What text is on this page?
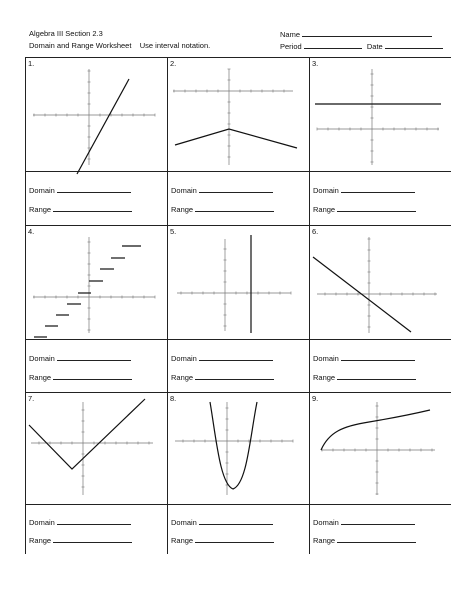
Algebra III Section 2.3
Domain and Range Worksheet Use interval notation.
Name
Period	Date
1.
Domain
Range
2.
Domain
Range
3.
Domain
Range
4.
Domain
Range
5.
Domain
Range
6.
Domain
Range
7.
Domain
Range
8.
Domain
Range
9.
Domain
Range
